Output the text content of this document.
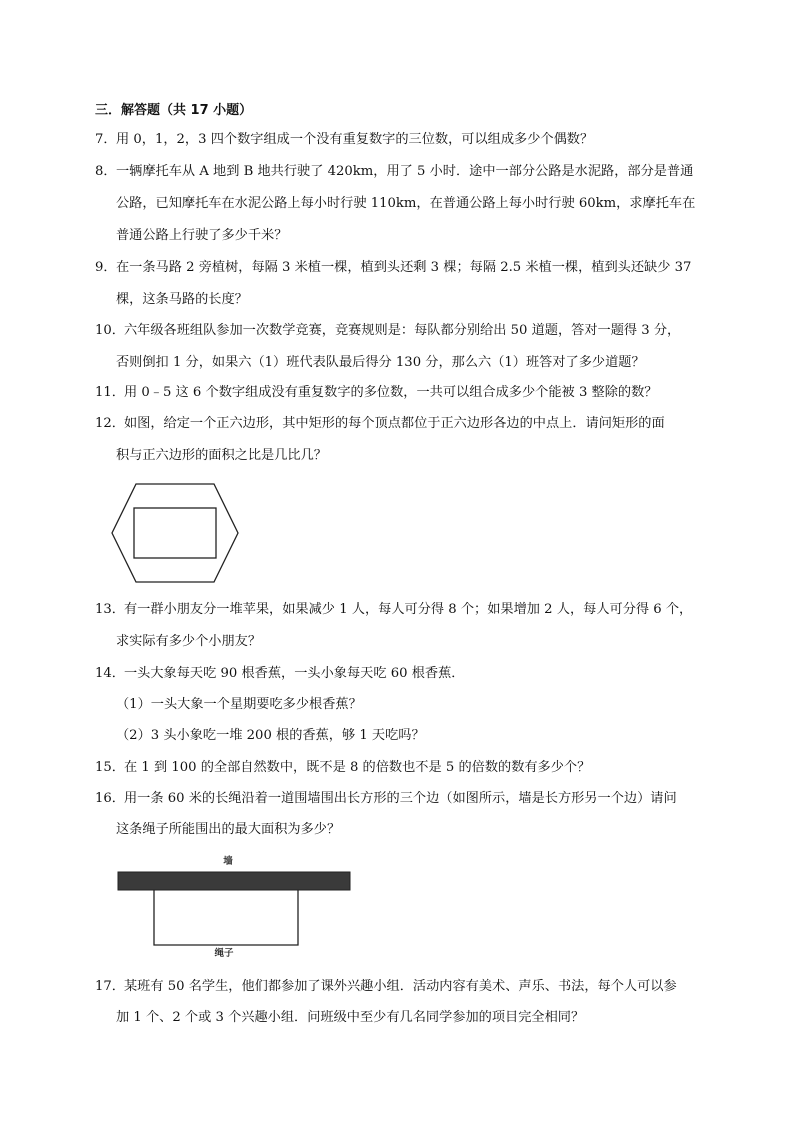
三．解答题（共 17 小题）
7． 用 0，1，2，3 四个数字组成一个没有重复数字的三位数，可以组成多少个偶数？
8． 一辆摩托车从 A 地到 B 地共行驶了 420km，用了 5 小时．途中一部分公路是水泥路，部分是普通
公路，已知摩托车在水泥公路上每小时行驶 110km，在普通公路上每小时行驶 60km，求摩托车在
普通公路上行驶了多少千米？
9． 在一条马路 2 旁植树，每隔 3 米植一棵，植到头还剩 3 棵；每隔 2.5 米植一棵，植到头还缺少 37
棵，这条马路的长度？
10． 六年级各班组队参加一次数学竞赛，竞赛规则是：每队都分别给出 50 道题，答对一题得 3 分，
否则倒扣 1 分，如果六（1）班代表队最后得分 130 分，那么六（1）班答对了多少道题？
11． 用 0﹣5 这 6 个数字组成没有重复数字的多位数，一共可以组合成多少个能被 3 整除的数？
12． 如图，给定一个正六边形，其中矩形的每个顶点都位于正六边形各边的中点上．请问矩形的面
积与正六边形的面积之比是几比几？
13． 有一群小朋友分一堆苹果，如果减少 1 人，每人可分得 8 个；如果增加 2 人，每人可分得 6 个，
求实际有多少个小朋友？
14． 一头大象每天吃 90 根香蕉，一头小象每天吃 60 根香蕉．
（1）一头大象一个星期要吃多少根香蕉？
（2）3 头小象吃一堆 200 根的香蕉，够 1 天吃吗？
15． 在 1 到 100 的全部自然数中，既不是 8 的倍数也不是 5 的倍数的数有多少个？
16． 用一条 60 米的长绳沿着一道围墙围出长方形的三个边（如图所示，墙是长方形另一个边）请问
这条绳子所能围出的最大面积为多少？
墙
绳子
17． 某班有 50 名学生，他们都参加了课外兴趣小组．活动内容有美术、声乐、书法，每个人可以参
加 1 个、2 个或 3 个兴趣小组．问班级中至少有几名同学参加的项目完全相同？
